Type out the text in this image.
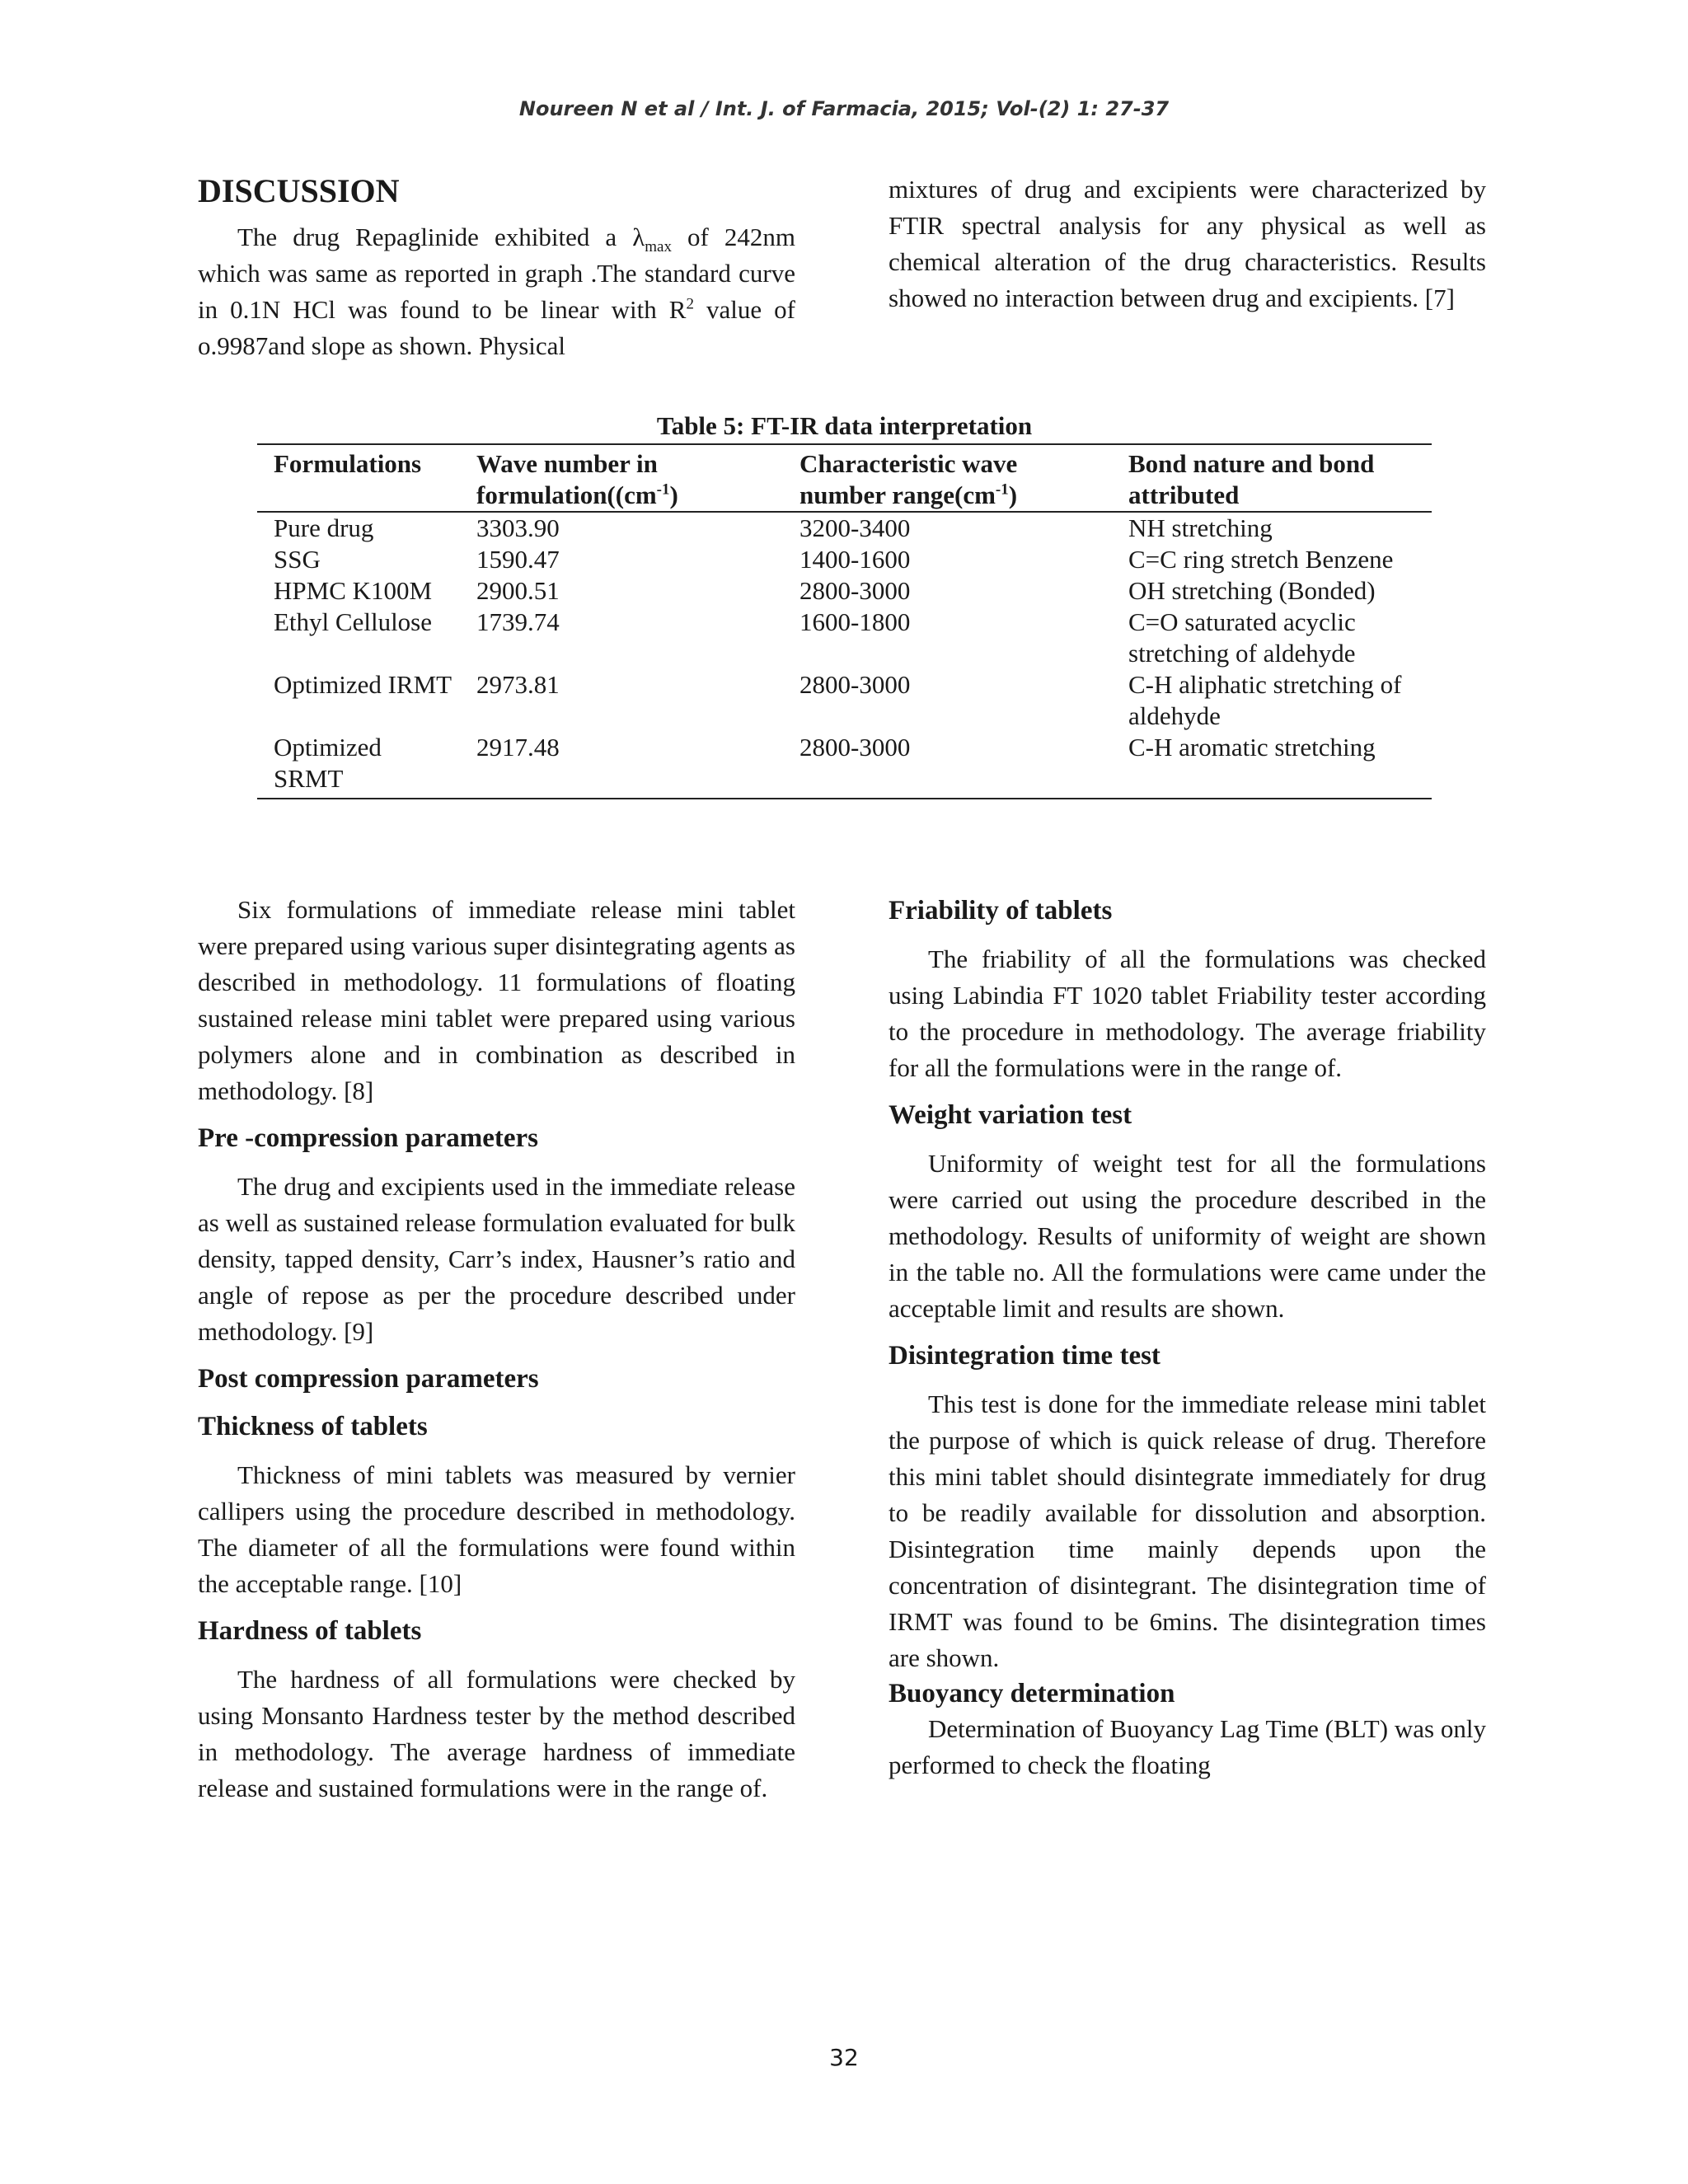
Noureen N et al / Int. J. of Farmacia, 2015; Vol-(2) 1: 27-37
DISCUSSION

The drug Repaglinide exhibited a $\lambda_{max}$ of 242nm which was same as reported in graph .The standard curve in 0.1N HCl was found to be linear with $R^2$ value of o.9987and slope as shown. Physical

mixtures of drug and excipients were characterized by FTIR spectral analysis for any physical as well as chemical alteration of the drug characteristics. Results showed no interaction between drug and excipients. [7]

Table 5: FT-IR data interpretation
Formulations	Wave number in $formulation((cm^{-1})$	Characteristic wave number $range(cm^{-1})$	Bond nature and bond attributed
Pure drug	3303.90	3200-3400	NH stretching
SSG	1590.47	1400-1600	C=C ring stretch Benzene
HPMC K100M	2900.51	2800-3000	OH stretching (Bonded)
Ethyl Cellulose	1739.74	1600-1800	C=O saturated acyclic stretching of aldehyde
Optimized IRMT	2973.81	2800-3000	C-H aliphatic stretching of aldehyde
Optimized SRMT	2917.48	2800-3000	C-H aromatic stretching

Six formulations of immediate release mini tablet were prepared using various super disintegrating agents as described in methodology. 11 formulations of floating sustained release mini tablet were prepared using various polymers alone and in combination as described in methodology. [8]

Pre -compression parameters

The drug and excipients used in the immediate release as well as sustained release formulation evaluated for bulk density, tapped density, Carr’s index, Hausner’s ratio and angle of repose as per the procedure described under methodology. [9]

Post compression parameters
Thickness of tablets

Thickness of mini tablets was measured by vernier callipers using the procedure described in methodology. The diameter of all the formulations were found within the acceptable range. [10]

Hardness of tablets

The hardness of all formulations were checked by using Monsanto Hardness tester by the method described in methodology. The average hardness of immediate release and sustained formulations were in the range of.

Friability of tablets

The friability of all the formulations was checked using Labindia FT 1020 tablet Friability tester according to the procedure in methodology. The average friability for all the formulations were in the range of.

Weight variation test

Uniformity of weight test for all the formulations were carried out using the procedure described in the methodology. Results of uniformity of weight are shown in the table no. All the formulations were came under the acceptable limit and results are shown.

Disintegration time test

This test is done for the immediate release mini tablet the purpose of which is quick release of drug. Therefore this mini tablet should disintegrate immediately for drug to be readily available for dissolution and absorption. Disintegration time mainly depends upon the concentration of disintegrant. The disintegration time of IRMT was found to be 6mins. The disintegration times are shown.

Buoyancy determination

Determination of Buoyancy Lag Time (BLT) was only performed to check the floating

32
